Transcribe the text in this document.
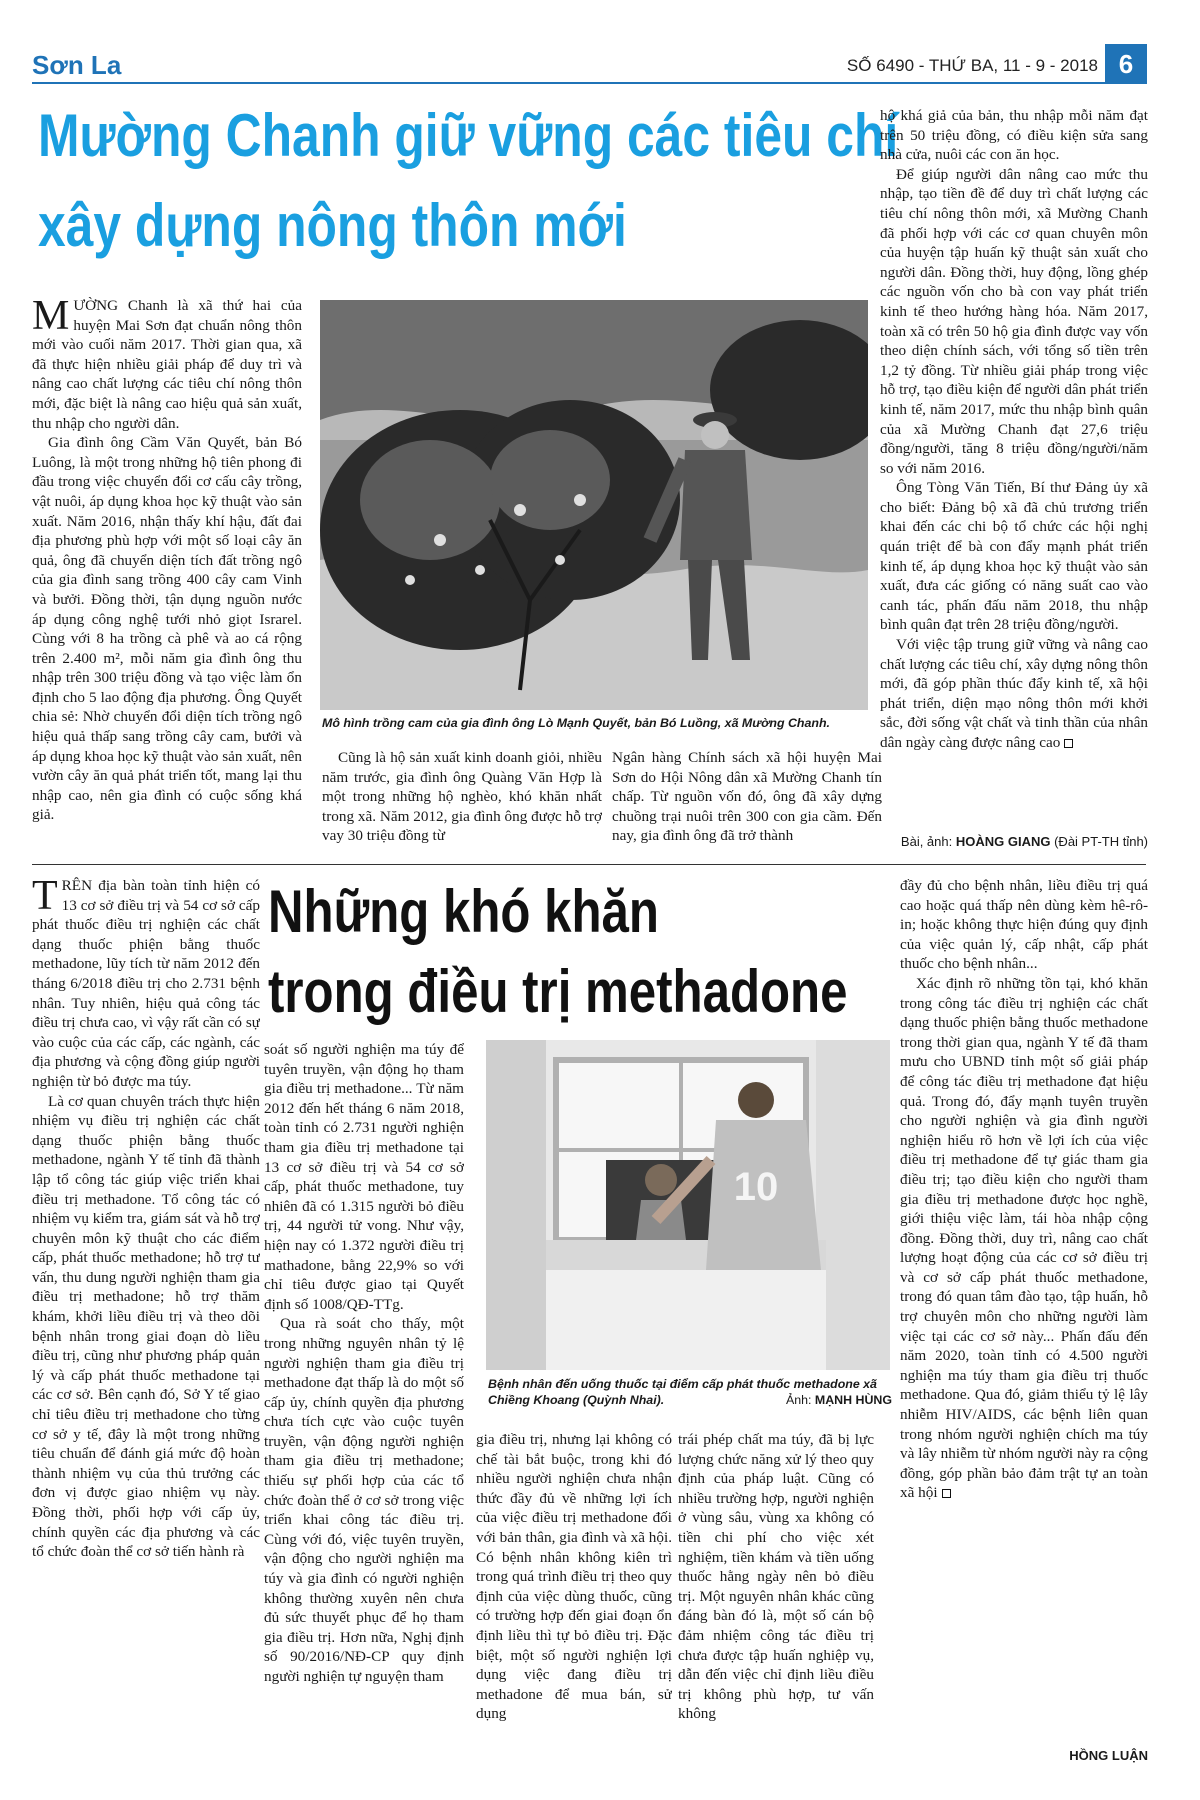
Sơn La	SỐ 6490 - THỨ BA, 11 - 9 - 2018 6
Mường Chanh giữ vững các tiêu chí
xây dựng nông thôn mới

MƯỜNG Chanh là xã thứ hai của huyện Mai Sơn đạt chuẩn nông thôn mới vào cuối năm 2017. Thời gian qua, xã đã thực hiện nhiều giải pháp để duy trì và nâng cao chất lượng các tiêu chí nông thôn mới, đặc biệt là nâng cao hiệu quả sản xuất, thu nhập cho người dân.

Gia đình ông Cầm Văn Quyết, bản Bó Luông, là một trong những hộ tiên phong đi đầu trong việc chuyển đổi cơ cấu cây trồng, vật nuôi, áp dụng khoa học kỹ thuật vào sản xuất. Năm 2016, nhận thấy khí hậu, đất đai địa phương phù hợp với một số loại cây ăn quả, ông đã chuyển diện tích đất trồng ngô của gia đình sang trồng 400 cây cam Vinh và bưởi. Đồng thời, tận dụng nguồn nước áp dụng công nghệ tưới nhỏ giọt Israrel. Cùng với 8 ha trồng cà phê và ao cá rộng trên 2.400 m², mỗi năm gia đình ông thu nhập trên 300 triệu đồng và tạo việc làm ổn định cho 5 lao động địa phương. Ông Quyết chia sẻ: Nhờ chuyển đổi diện tích trồng ngô hiệu quả thấp sang trồng cây cam, bưởi và áp dụng khoa học kỹ thuật vào sản xuất, nên vườn cây ăn quả phát triển tốt, mang lại thu nhập cao, nên gia đình có cuộc sống khá giả.

Mô hình trồng cam của gia đình ông Lò Mạnh Quyết, bản Bó Luồng, xã Mường Chanh.

Cũng là hộ sản xuất kinh doanh giỏi, nhiều năm trước, gia đình ông Quàng Văn Hợp là một trong những hộ nghèo, khó khăn nhất trong xã. Năm 2012, gia đình ông được hỗ trợ vay 30 triệu đồng từ

Ngân hàng Chính sách xã hội huyện Mai Sơn do Hội Nông dân xã Mường Chanh tín chấp. Từ nguồn vốn đó, ông đã xây dựng chuồng trại nuôi trên 300 con gia cầm. Đến nay, gia đình ông đã trở thành

hộ khá giả của bản, thu nhập mỗi năm đạt trên 50 triệu đồng, có điều kiện sửa sang nhà cửa, nuôi các con ăn học.

Để giúp người dân nâng cao mức thu nhập, tạo tiền đề để duy trì chất lượng các tiêu chí nông thôn mới, xã Mường Chanh đã phối hợp với các cơ quan chuyên môn của huyện tập huấn kỹ thuật sản xuất cho người dân. Đồng thời, huy động, lồng ghép các nguồn vốn cho bà con vay phát triển kinh tế theo hướng hàng hóa. Năm 2017, toàn xã có trên 50 hộ gia đình được vay vốn theo diện chính sách, với tổng số tiền trên 1,2 tỷ đồng. Từ nhiều giải pháp trong việc hỗ trợ, tạo điều kiện để người dân phát triển kinh tế, năm 2017, mức thu nhập bình quân của xã Mường Chanh đạt 27,6 triệu đồng/người, tăng 8 triệu đồng/người/năm so với năm 2016.

Ông Tòng Văn Tiến, Bí thư Đảng ủy xã cho biết: Đảng bộ xã đã chủ trương triển khai đến các chi bộ tổ chức các hội nghị quán triệt để bà con đẩy mạnh phát triển kinh tế, áp dụng khoa học kỹ thuật vào sản xuất, đưa các giống có năng suất cao vào canh tác, phấn đấu năm 2018, thu nhập bình quân đạt trên 28 triệu đồng/người.

Với việc tập trung giữ vững và nâng cao chất lượng các tiêu chí, xây dựng nông thôn mới, đã góp phần thúc đẩy kinh tế, xã hội phát triển, diện mạo nông thôn mới khởi sắc, đời sống vật chất và tinh thần của nhân dân ngày càng được nâng cao

Bài, ảnh: HOÀNG GIANG (Đài PT-TH tỉnh)
Những khó khăn
trong điều trị methadone

TRÊN địa bàn toàn tỉnh hiện có 13 cơ sở điều trị và 54 cơ sở cấp phát thuốc điều trị nghiện các chất dạng thuốc phiện bằng thuốc methadone, lũy tích từ năm 2012 đến tháng 6/2018 điều trị cho 2.731 bệnh nhân. Tuy nhiên, hiệu quả công tác điều trị chưa cao, vì vậy rất cần có sự vào cuộc của các cấp, các ngành, các địa phương và cộng đồng giúp người nghiện từ bỏ được ma túy.

Là cơ quan chuyên trách thực hiện nhiệm vụ điều trị nghiện các chất dạng thuốc phiện bằng thuốc methadone, ngành Y tế tỉnh đã thành lập tổ công tác giúp việc triển khai điều trị methadone. Tổ công tác có nhiệm vụ kiểm tra, giám sát và hỗ trợ chuyên môn kỹ thuật cho các điểm cấp, phát thuốc methadone; hỗ trợ tư vấn, thu dung người nghiện tham gia điều trị methadone; hỗ trợ thăm khám, khởi liều điều trị và theo dõi bệnh nhân trong giai đoạn dò liều điều trị, cũng như phương pháp quản lý và cấp phát thuốc methadone tại các cơ sở. Bên cạnh đó, Sở Y tế giao chỉ tiêu điều trị methadone cho từng cơ sở y tế, đây là một trong những tiêu chuẩn để đánh giá mức độ hoàn thành nhiệm vụ của thủ trưởng các đơn vị được giao nhiệm vụ này. Đồng thời, phối hợp với cấp ủy, chính quyền các địa phương và các tổ chức đoàn thể cơ sở tiến hành rà

soát số người nghiện ma túy để tuyên truyền, vận động họ tham gia điều trị methadone... Từ năm 2012 đến hết tháng 6 năm 2018, toàn tỉnh có 2.731 người nghiện tham gia điều trị methadone tại 13 cơ sở điều trị và 54 cơ sở cấp, phát thuốc methadone, tuy nhiên đã có 1.315 người bỏ điều trị, 44 người tử vong. Như vậy, hiện nay có 1.372 người điều trị mathadone, bằng 22,9% so với chỉ tiêu được giao tại Quyết định số 1008/QĐ-TTg.

Qua rà soát cho thấy, một trong những nguyên nhân tỷ lệ người nghiện tham gia điều trị methadone đạt thấp là do một số cấp ủy, chính quyền địa phương chưa tích cực vào cuộc tuyên truyền, vận động người nghiện tham gia điều trị methadone; thiếu sự phối hợp của các tổ chức đoàn thể ở cơ sở trong việc triển khai công tác điều trị. Cùng với đó, việc tuyên truyền, vận động cho người nghiện ma túy và gia đình có người nghiện không thường xuyên nên chưa đủ sức thuyết phục để họ tham gia điều trị. Hơn nữa, Nghị định số 90/2016/NĐ-CP quy định người nghiện tự nguyện tham

10
Bệnh nhân đến uống thuốc tại điểm cấp phát thuốc methadone xã Chiềng Khoang (Quỳnh Nhai).	Ảnh: MẠNH HÙNG

gia điều trị, nhưng lại không có chế tài bắt buộc, trong khi đó nhiều người nghiện chưa nhận thức đầy đủ về những lợi ích của việc điều trị methadone đối với bản thân, gia đình và xã hội. Có bệnh nhân không kiên trì trong quá trình điều trị theo quy định của việc dùng thuốc, cũng có trường hợp đến giai đoạn ổn định liều thì tự bỏ điều trị. Đặc biệt, một số người nghiện lợi dụng việc đang điều trị methadone để mua bán, sử dụng

trái phép chất ma túy, đã bị lực lượng chức năng xử lý theo quy định của pháp luật. Cũng có nhiều trường hợp, người nghiện ở vùng sâu, vùng xa không có tiền chi phí cho việc xét nghiệm, tiền khám và tiền uống thuốc hằng ngày nên bỏ điều trị. Một nguyên nhân khác cũng đáng bàn đó là, một số cán bộ đảm nhiệm công tác điều trị chưa được tập huấn nghiệp vụ, dẫn đến việc chỉ định liều điều trị không phù hợp, tư vấn không

đầy đủ cho bệnh nhân, liều điều trị quá cao hoặc quá thấp nên dùng kèm hê-rô-in; hoặc không thực hiện đúng quy định của việc quản lý, cấp nhật, cấp phát thuốc cho bệnh nhân...

Xác định rõ những tồn tại, khó khăn trong công tác điều trị nghiện các chất dạng thuốc phiện bằng thuốc methadone trong thời gian qua, ngành Y tế đã tham mưu cho UBND tỉnh một số giải pháp để công tác điều trị methadone đạt hiệu quả. Trong đó, đẩy mạnh tuyên truyền cho người nghiện và gia đình người nghiện hiểu rõ hơn về lợi ích của việc điều trị methadone để tự giác tham gia điều trị; tạo điều kiện cho người tham gia điều trị methadone được học nghề, giới thiệu việc làm, tái hòa nhập cộng đồng. Đồng thời, duy trì, nâng cao chất lượng hoạt động của các cơ sở điều trị và cơ sở cấp phát thuốc methadone, trong đó quan tâm đào tạo, tập huấn, hỗ trợ chuyên môn cho những người làm việc tại các cơ sở này... Phấn đấu đến năm 2020, toàn tỉnh có 4.500 người nghiện ma túy tham gia điều trị thuốc methadone. Qua đó, giảm thiểu tỷ lệ lây nhiễm HIV/AIDS, các bệnh liên quan trong nhóm người nghiện chích ma túy và lây nhiễm từ nhóm người này ra cộng đồng, góp phần bảo đảm trật tự an toàn xã hội

HỒNG LUẬN
